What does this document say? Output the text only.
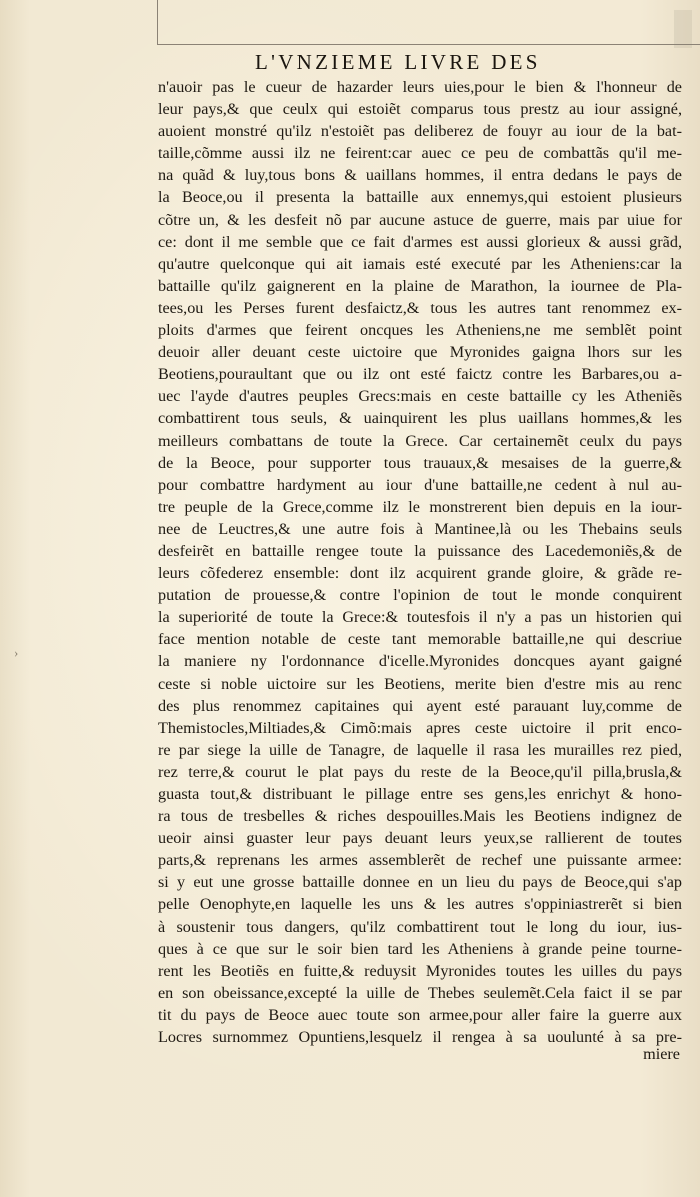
L'VNZIEME LIVRE DES
n'auoir pas le cueur de hazarder leurs uies,pour le bien & l'honneur de
leur pays,& que ceulx qui estoiẽt comparus tous prestz au iour assigné,
auoient monstré qu'ilz n'estoiẽt pas deliberez de fouyr au iour de la bat-
taille,cõmme aussi ilz ne feirent:car auec ce peu de combattãs qu'il me-
na quãd & luy,tous bons & uaillans hommes, il entra dedans le pays de
la Beoce,ou il presenta la battaille aux ennemys,qui estoient plusieurs
cõtre un, & les desfeit nõ par aucune astuce de guerre, mais par uiue for
ce: dont il me semble que ce fait d'armes est aussi glorieux & aussi grãd,
qu'autre quelconque qui ait iamais esté executé par les Atheniens:car la
battaille qu'ilz gaignerent en la plaine de Marathon, la iournee de Pla-
tees,ou les Perses furent desfaictz,& tous les autres tant renommez ex-
ploits d'armes que feirent oncques les Atheniens,ne me semblẽt point
deuoir aller deuant ceste uictoire que Myronides gaigna lhors sur les
Beotiens,pouraultant que ou ilz ont esté faictz contre les Barbares,ou a-
uec l'ayde d'autres peuples Grecs:mais en ceste battaille cy les Atheniẽs
combattirent tous seuls, & uainquirent les plus uaillans hommes,& les
meilleurs combattans de toute la Grece. Car certainemẽt ceulx du pays
de la Beoce, pour supporter tous trauaux,& mesaises de la guerre,&
pour combattre hardyment au iour d'une battaille,ne cedent à nul au-
tre peuple de la Grece,comme ilz le monstrerent bien depuis en la iour-
nee de Leuctres,& une autre fois à Mantinee,là ou les Thebains seuls
desfeirẽt en battaille rengee toute la puissance des Lacedemoniẽs,& de
leurs cõfederez ensemble: dont ilz acquirent grande gloire, & grãde re-
putation de prouesse,& contre l'opinion de tout le monde conquirent
la superiorité de toute la Grece:& toutesfois il n'y a pas un historien qui
face mention notable de ceste tant memorable battaille,ne qui descriue
la maniere ny l'ordonnance d'icelle.Myronides doncques ayant gaigné
ceste si noble uictoire sur les Beotiens, merite bien d'estre mis au renc
des plus renommez capitaines qui ayent esté parauant luy,comme de
Themistocles,Miltiades,& Cimõ:mais apres ceste uictoire il prit enco-
re par siege la uille de Tanagre, de laquelle il rasa les murailles rez pied,
rez terre,& courut le plat pays du reste de la Beoce,qu'il pilla,brusla,&
guasta tout,& distribuant le pillage entre ses gens,les enrichyt & hono-
ra tous de tresbelles & riches despouilles.Mais les Beotiens indignez de
ueoir ainsi guaster leur pays deuant leurs yeux,se rallierent de toutes
parts,& reprenans les armes assemblerẽt de rechef une puissante armee:
si y eut une grosse battaille donnee en un lieu du pays de Beoce,qui s'ap
pelle Oenophyte,en laquelle les uns & les autres s'oppiniastrerẽt si bien
à soustenir tous dangers, qu'ilz combattirent tout le long du iour, ius-
ques à ce que sur le soir bien tard les Atheniens à grande peine tourne-
rent les Beotiẽs en fuitte,& reduysit Myronides toutes les uilles du pays
en son obeissance,excepté la uille de Thebes seulemẽt.Cela faict il se par
tit du pays de Beoce auec toute son armee,pour aller faire la guerre aux
Locres surnommez Opuntiens,lesquelz il rengea à sa uoulunté à sa pre-
miere
›
